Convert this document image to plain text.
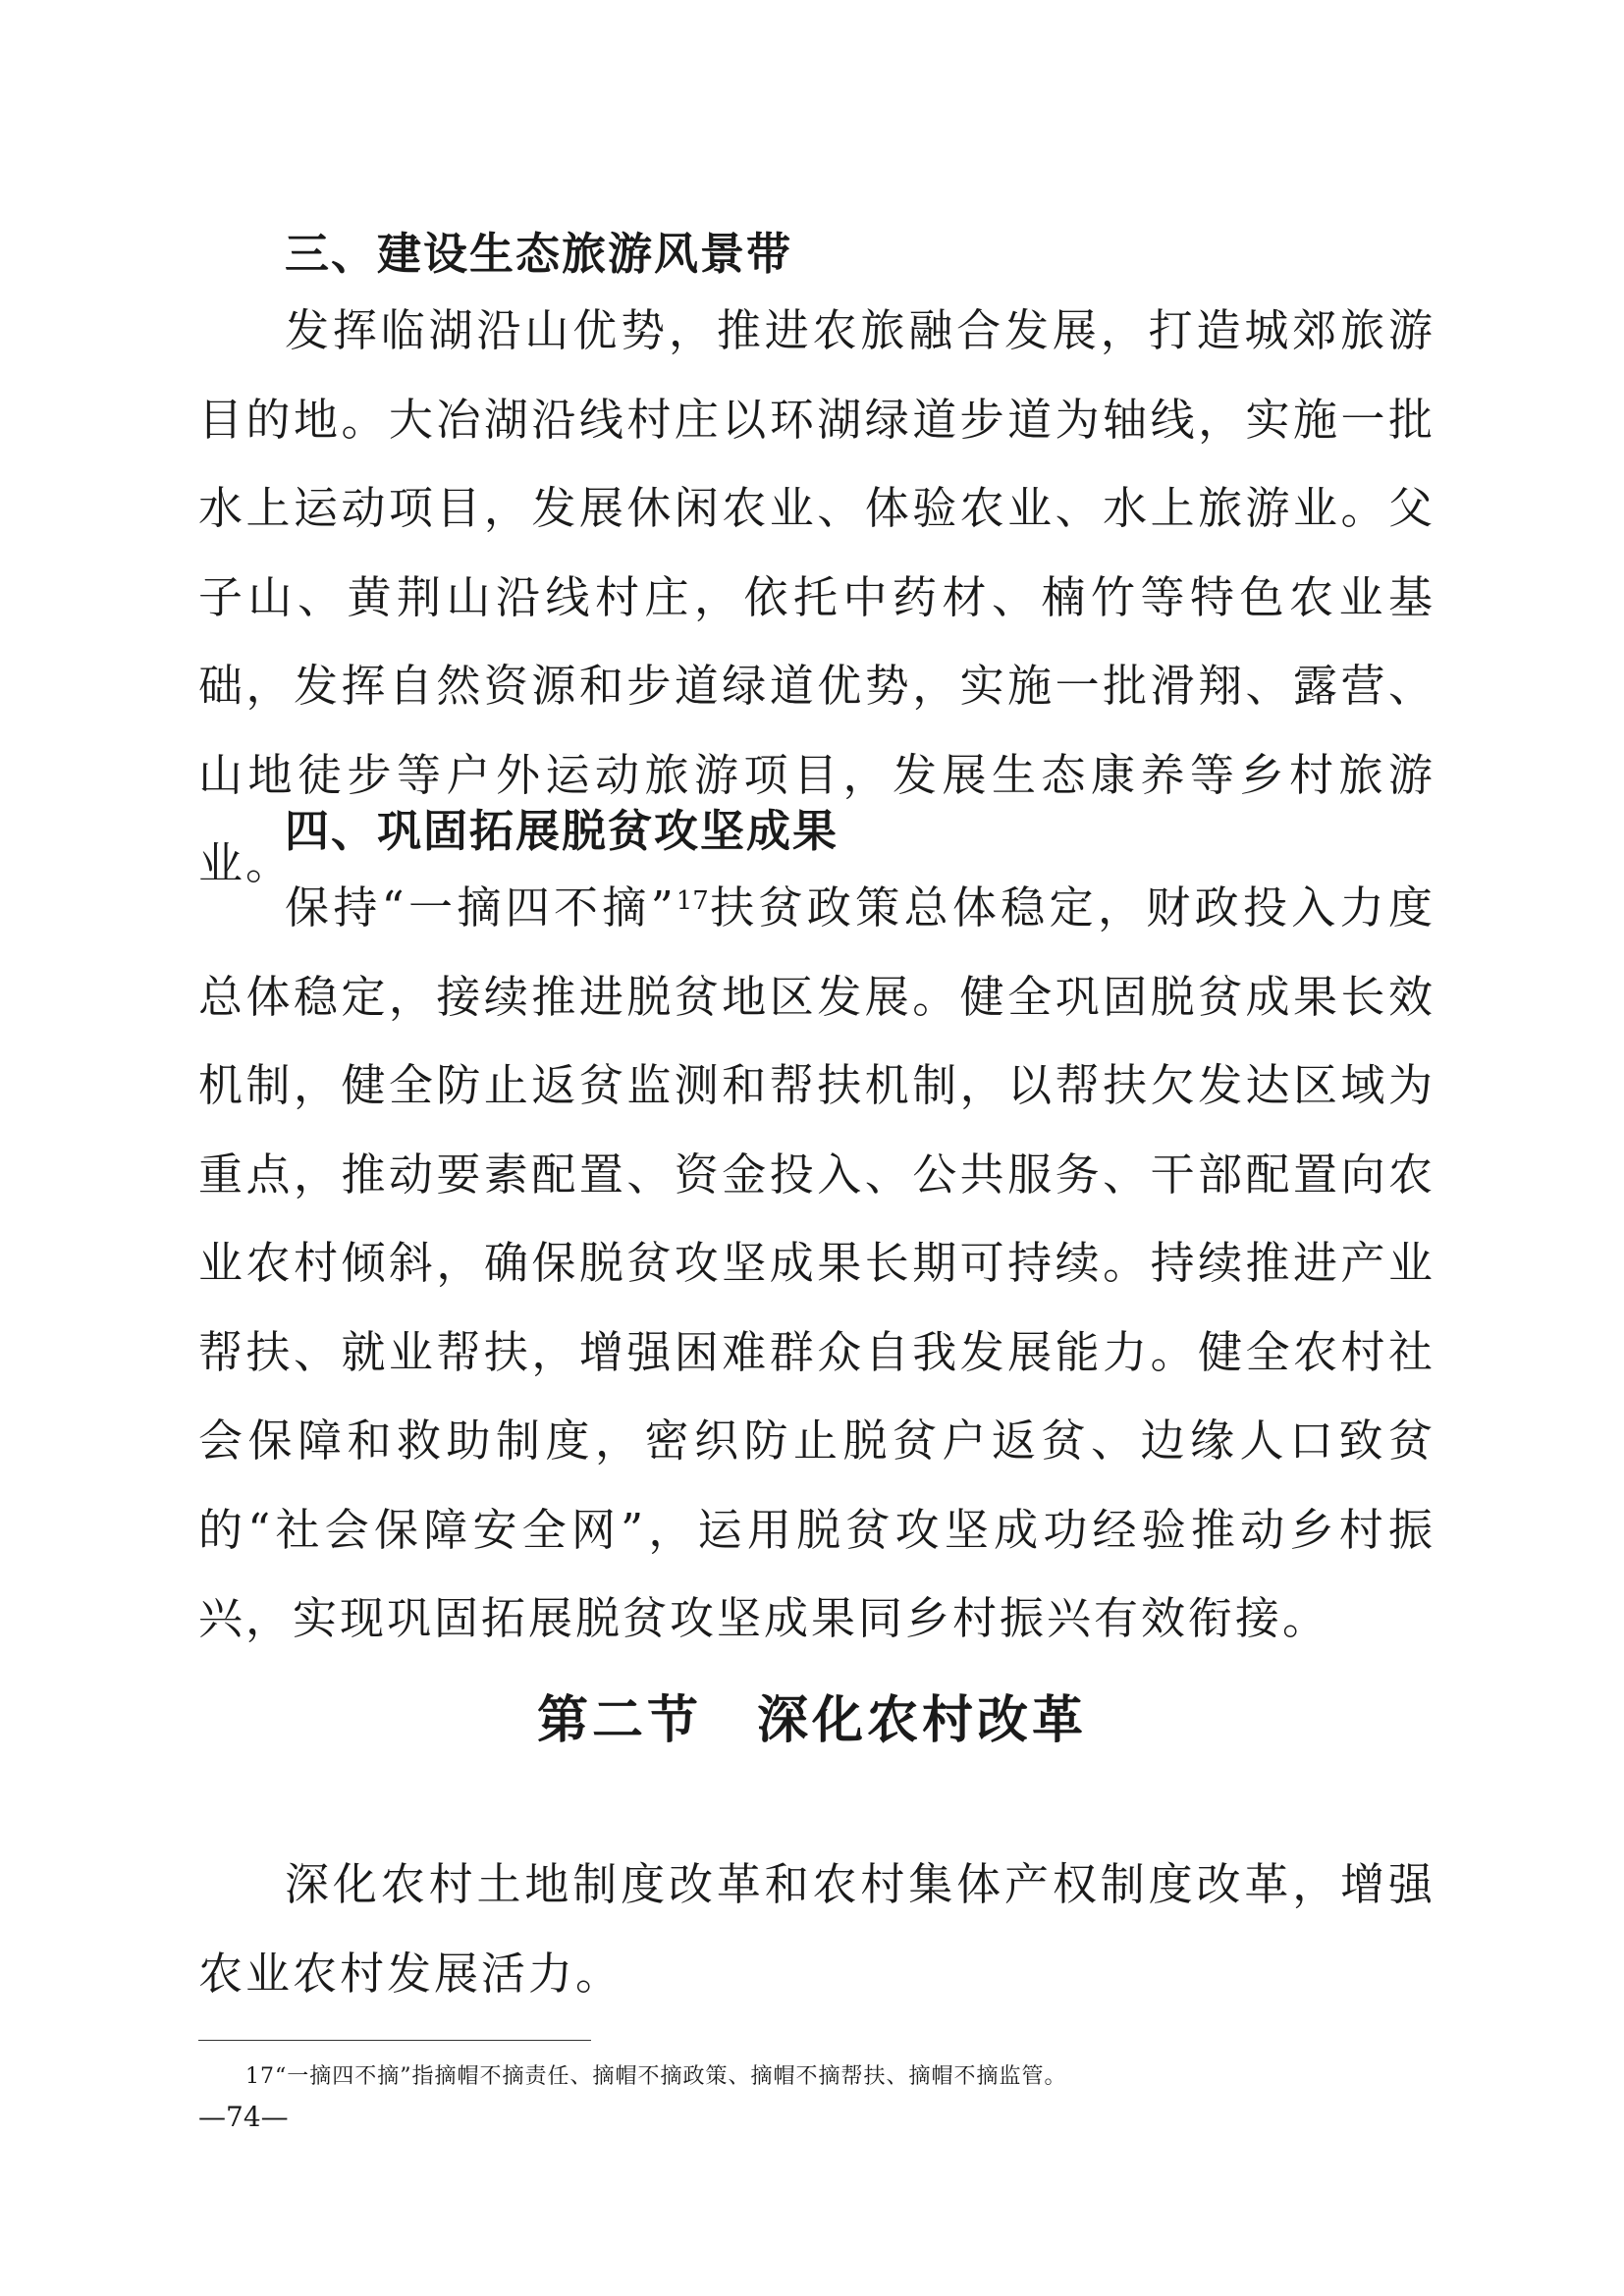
三、建设生态旅游风景带
发挥临湖沿山优势，推进农旅融合发展，打造城郊旅游目的地。大冶湖沿线村庄以环湖绿道步道为轴线，实施一批水上运动项目，发展休闲农业、体验农业、水上旅游业。父子山、黄荆山沿线村庄，依托中药材、楠竹等特色农业基础，发挥自然资源和步道绿道优势，实施一批滑翔、露营、山地徒步等户外运动旅游项目，发展生态康养等乡村旅游业。
四、巩固拓展脱贫攻坚成果
保持“一摘四不摘”$^{17}$扶贫政策总体稳定，财政投入力度总体稳定，接续推进脱贫地区发展。健全巩固脱贫成果长效机制，健全防止返贫监测和帮扶机制，以帮扶欠发达区域为重点，推动要素配置、资金投入、公共服务、干部配置向农业农村倾斜，确保脱贫攻坚成果长期可持续。持续推进产业帮扶、就业帮扶，增强困难群众自我发展能力。健全农村社会保障和救助制度，密织防止脱贫户返贫、边缘人口致贫的“社会保障安全网”，运用脱贫攻坚成功经验推动乡村振兴，实现巩固拓展脱贫攻坚成果同乡村振兴有效衔接。
第二节　深化农村改革
深化农村土地制度改革和农村集体产权制度改革，增强农业农村发展活力。
17“一摘四不摘”指摘帽不摘责任、摘帽不摘政策、摘帽不摘帮扶、摘帽不摘监管。
—74—
